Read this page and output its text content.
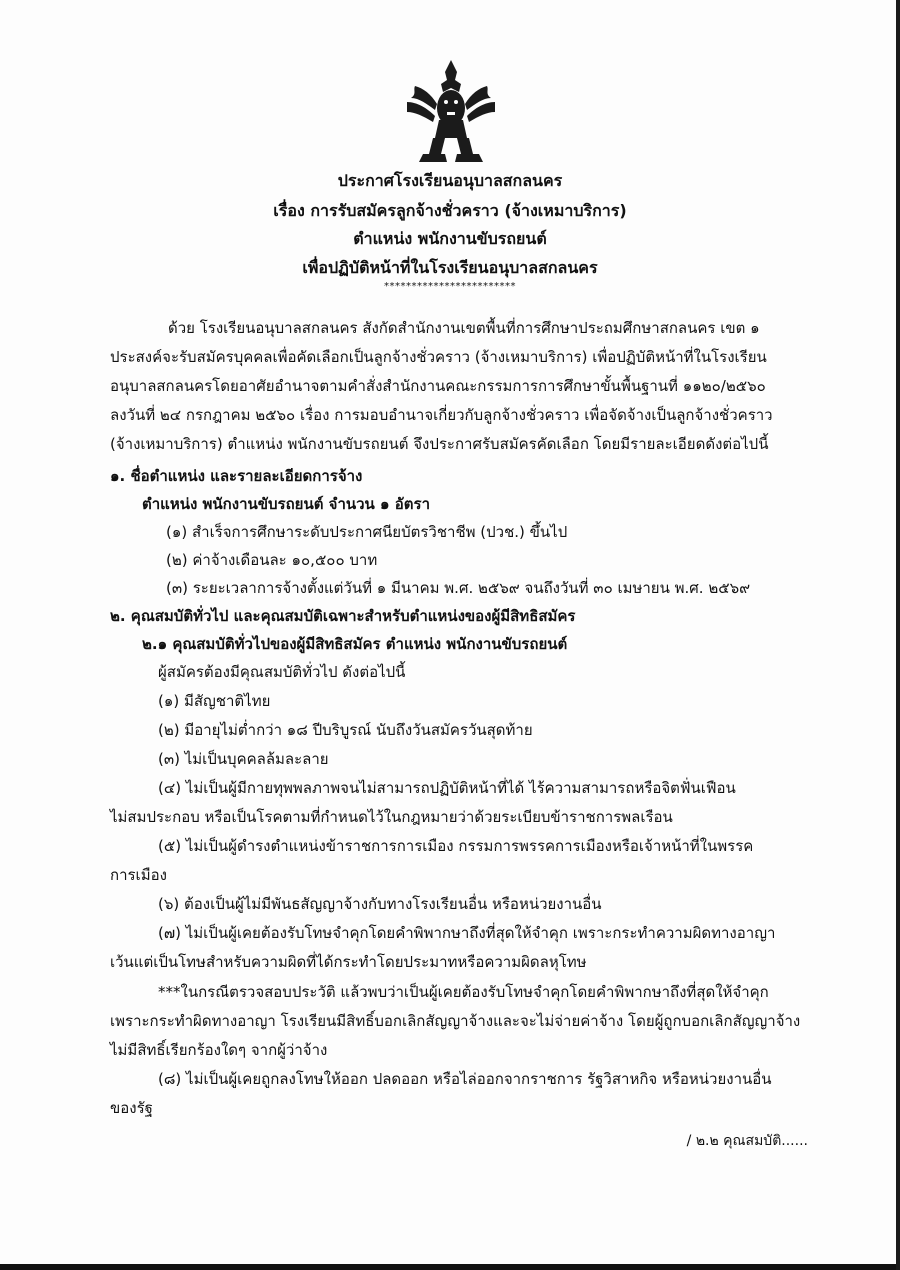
ประกาศโรงเรียนอนุบาลสกลนคร
เรื่อง การรับสมัครลูกจ้างชั่วคราว (จ้างเหมาบริการ)
ตำแหน่ง พนักงานขับรถยนต์
เพื่อปฏิบัติหน้าที่ในโรงเรียนอนุบาลสกลนคร
************************
ด้วย โรงเรียนอนุบาลสกลนคร สังกัดสำนักงานเขตพื้นที่การศึกษาประถมศึกษาสกลนคร เขต ๑
ประสงค์จะรับสมัครบุคคลเพื่อคัดเลือกเป็นลูกจ้างชั่วคราว (จ้างเหมาบริการ) เพื่อปฏิบัติหน้าที่ในโรงเรียน
อนุบาลสกลนครโดยอาศัยอำนาจตามคำสั่งสำนักงานคณะกรรมการการศึกษาขั้นพื้นฐานที่ ๑๑๒๐/๒๕๖๐
ลงวันที่ ๒๔ กรกฎาคม ๒๕๖๐ เรื่อง การมอบอำนาจเกี่ยวกับลูกจ้างชั่วคราว เพื่อจัดจ้างเป็นลูกจ้างชั่วคราว
(จ้างเหมาบริการ) ตำแหน่ง พนักงานขับรถยนต์ จึงประกาศรับสมัครคัดเลือก โดยมีรายละเอียดดังต่อไปนี้
๑. ชื่อตำแหน่ง และรายละเอียดการจ้าง
ตำแหน่ง พนักงานขับรถยนต์ จำนวน ๑ อัตรา
(๑) สำเร็จการศึกษาระดับประกาศนียบัตรวิชาชีพ (ปวช.) ขึ้นไป
(๒) ค่าจ้างเดือนละ ๑๐,๕๐๐ บาท
(๓) ระยะเวลาการจ้างตั้งแต่วันที่ ๑ มีนาคม พ.ศ. ๒๕๖๙ จนถึงวันที่ ๓๐ เมษายน พ.ศ. ๒๕๖๙
๒. คุณสมบัติทั่วไป และคุณสมบัติเฉพาะสำหรับตำแหน่งของผู้มีสิทธิสมัคร
๒.๑ คุณสมบัติทั่วไปของผู้มีสิทธิสมัคร ตำแหน่ง พนักงานขับรถยนต์
ผู้สมัครต้องมีคุณสมบัติทั่วไป ดังต่อไปนี้
(๑) มีสัญชาติไทย
(๒) มีอายุไม่ต่ำกว่า ๑๘ ปีบริบูรณ์ นับถึงวันสมัครวันสุดท้าย
(๓) ไม่เป็นบุคคลล้มละลาย
(๔) ไม่เป็นผู้มีกายทุพพลภาพจนไม่สามารถปฏิบัติหน้าที่ได้ ไร้ความสามารถหรือจิตฟั่นเฟือน
ไม่สมประกอบ หรือเป็นโรคตามที่กำหนดไว้ในกฎหมายว่าด้วยระเบียบข้าราชการพลเรือน
(๕) ไม่เป็นผู้ดำรงตำแหน่งข้าราชการการเมือง กรรมการพรรคการเมืองหรือเจ้าหน้าที่ในพรรค
การเมือง
(๖) ต้องเป็นผู้ไม่มีพันธสัญญาจ้างกับทางโรงเรียนอื่น หรือหน่วยงานอื่น
(๗) ไม่เป็นผู้เคยต้องรับโทษจำคุกโดยคำพิพากษาถึงที่สุดให้จำคุก เพราะกระทำความผิดทางอาญา
เว้นแต่เป็นโทษสำหรับความผิดที่ได้กระทำโดยประมาทหรือความผิดลหุโทษ
***ในกรณีตรวจสอบประวัติ แล้วพบว่าเป็นผู้เคยต้องรับโทษจำคุกโดยคำพิพากษาถึงที่สุดให้จำคุก
เพราะกระทำผิดทางอาญา โรงเรียนมีสิทธิ์บอกเลิกสัญญาจ้างและจะไม่จ่ายค่าจ้าง โดยผู้ถูกบอกเลิกสัญญาจ้าง
ไม่มีสิทธิ์เรียกร้องใดๆ จากผู้ว่าจ้าง
(๘) ไม่เป็นผู้เคยถูกลงโทษให้ออก ปลดออก หรือไล่ออกจากราชการ รัฐวิสาหกิจ หรือหน่วยงานอื่น
ของรัฐ
/ ๒.๒ คุณสมบัติ......
